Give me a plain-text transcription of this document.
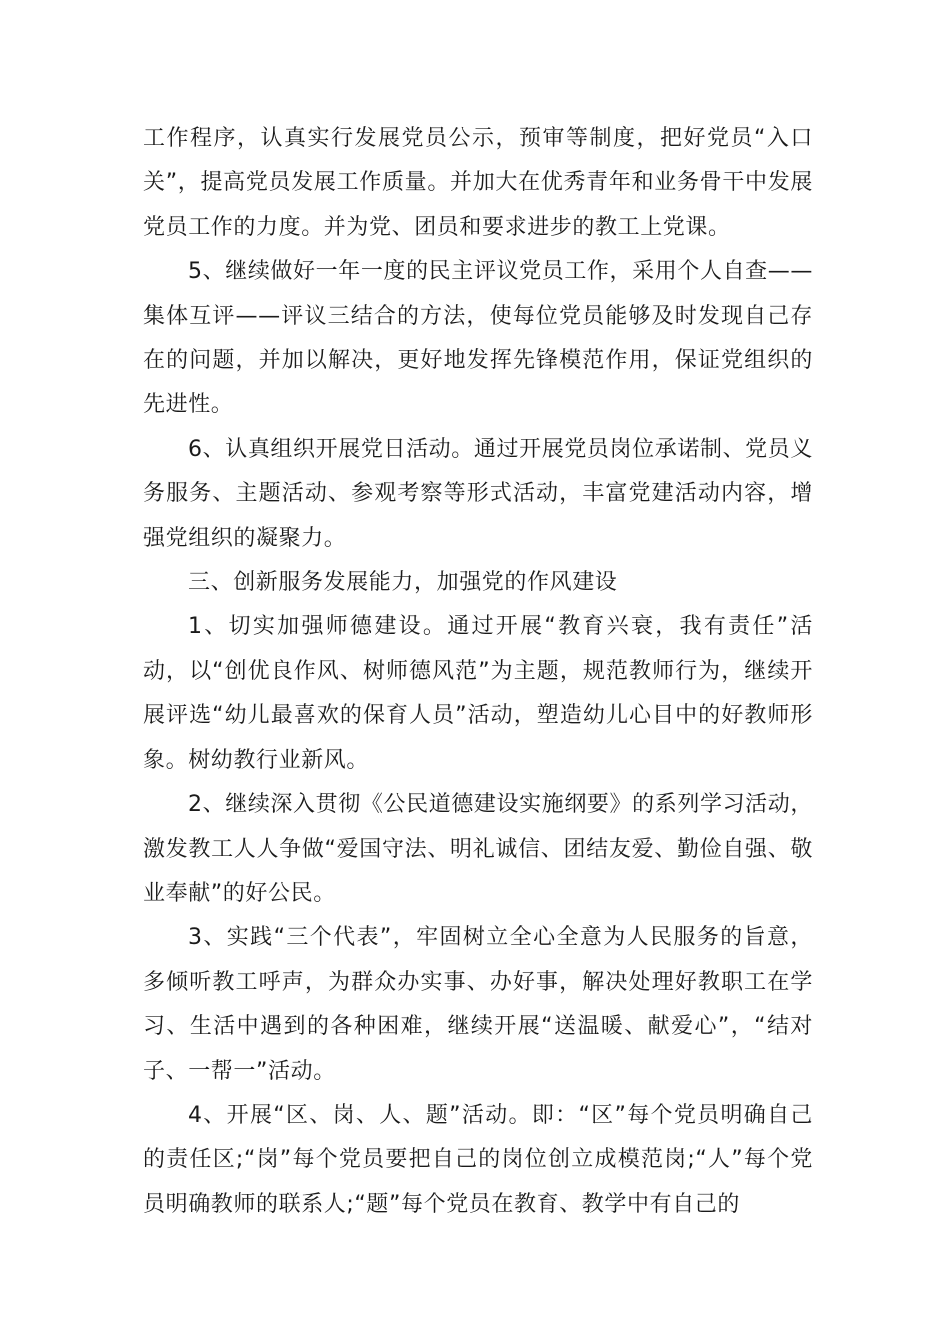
工作程序，认真实行发展党员公示，预审等制度，把好党员“入口关”，提高党员发展工作质量。并加大在优秀青年和业务骨干中发展党员工作的力度。并为党、团员和要求进步的教工上党课。

5、继续做好一年一度的民主评议党员工作，采用个人自查——集体互评——评议三结合的方法，使每位党员能够及时发现自己存在的问题，并加以解决，更好地发挥先锋模范作用，保证党组织的先进性。

6、认真组织开展党日活动。通过开展党员岗位承诺制、党员义务服务、主题活动、参观考察等形式活动，丰富党建活动内容，增强党组织的凝聚力。

三、创新服务发展能力，加强党的作风建设

1、切实加强师德建设。通过开展“教育兴衰，我有责任”活动，以“创优良作风、树师德风范”为主题，规范教师行为，继续开展评选“幼儿最喜欢的保育人员”活动，塑造幼儿心目中的好教师形象。树幼教行业新风。

2、继续深入贯彻《公民道德建设实施纲要》的系列学习活动，激发教工人人争做“爱国守法、明礼诚信、团结友爱、勤俭自强、敬业奉献”的好公民。

3、实践“三个代表”，牢固树立全心全意为人民服务的旨意，多倾听教工呼声，为群众办实事、办好事，解决处理好教职工在学习、生活中遇到的各种困难，继续开展“送温暖、献爱心”，“结对子、一帮一”活动。

4、开展“区、岗、人、题”活动。即：“区”每个党员明确自己的责任区;“岗”每个党员要把自己的岗位创立成模范岗;“人”每个党员明确教师的联系人;“题”每个党员在教育、教学中有自己的
